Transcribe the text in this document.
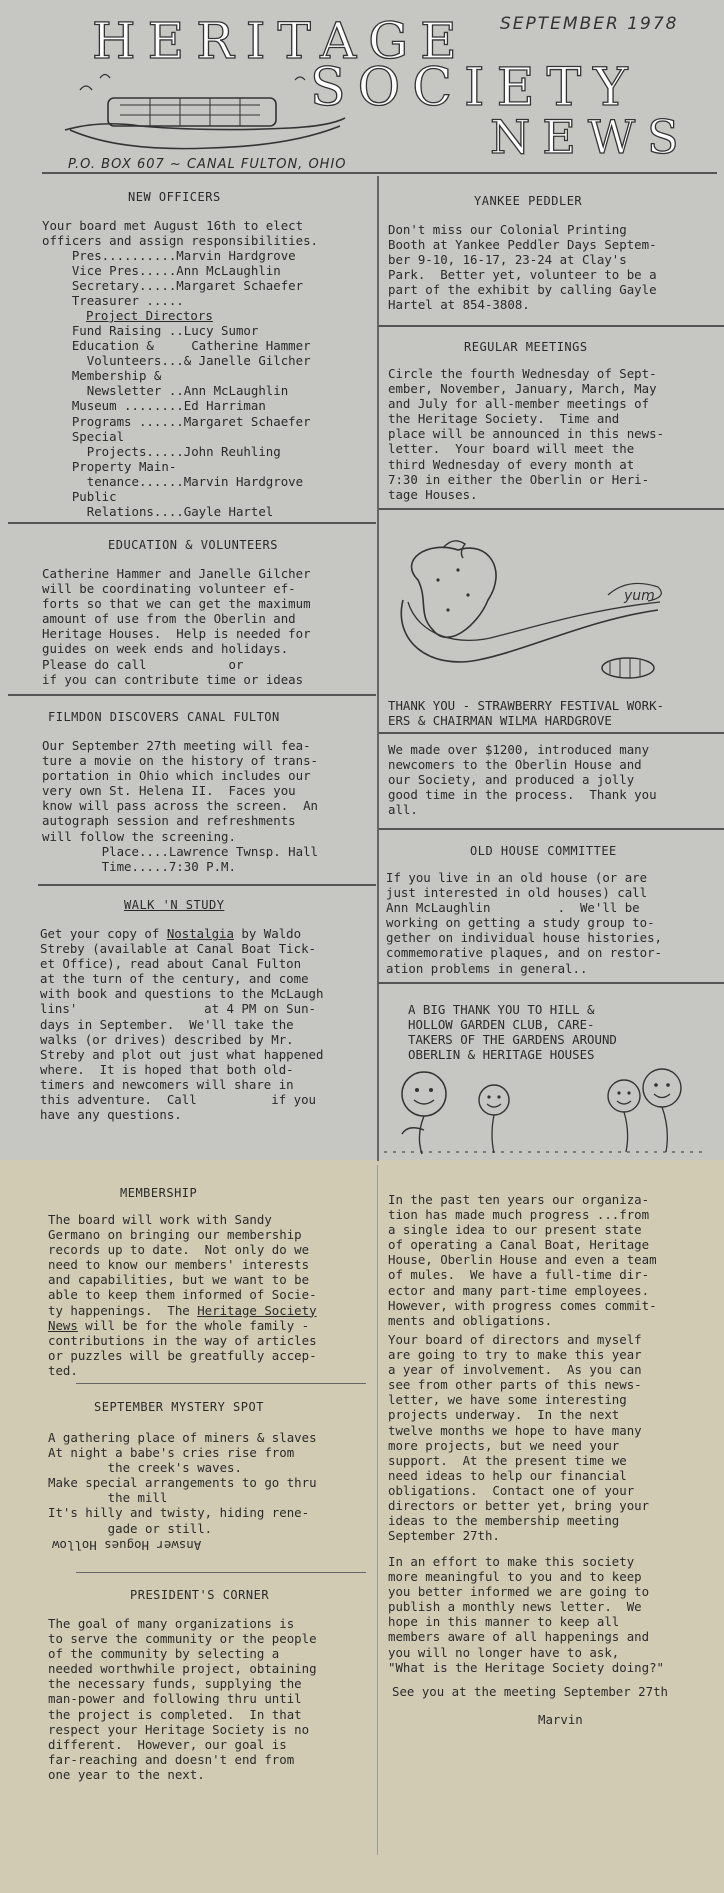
HERITAGE
SOCIETY
NEWS
SEPTEMBER 1978
P.O. BOX 607 ~ CANAL FULTON, OHIO
NEW OFFICERS
Your board met August 16th to elect
officers and assign responsibilities.
Pres..........Marvin Hardgrove
Vice Pres.....Ann McLaughlin
Secretary.....Margaret Schaefer
Treasurer .....
Project Directors
Fund Raising ..Lucy Sumor
Education &     Catherine Hammer
Volunteers...& Janelle Gilcher
Membership &
Newsletter ..Ann McLaughlin
Museum ........Ed Harriman
Programs ......Margaret Schaefer
Special
Projects.....John Reuhling
Property Main-
tenance......Marvin Hardgrove
Public
Relations....Gayle Hartel
EDUCATION & VOLUNTEERS
Catherine Hammer and Janelle Gilcher
will be coordinating volunteer ef-
forts so that we can get the maximum
amount of use from the Oberlin and
Heritage Houses.  Help is needed for
guides on week ends and holidays.
Please do call           or
if you can contribute time or ideas
FILMDON DISCOVERS CANAL FULTON
Our September 27th meeting will fea-
ture a movie on the history of trans-
portation in Ohio which includes our
very own St. Helena II.  Faces you
know will pass across the screen.  An
autograph session and refreshments
will follow the screening.
Place....Lawrence Twnsp. Hall
Time.....7:30 P.M.
WALK 'N STUDY
Get your copy of Nostalgia by Waldo
Streby (available at Canal Boat Tick-
et Office), read about Canal Fulton
at the turn of the century, and come
with book and questions to the McLaugh
lins'                 at 4 PM on Sun-
days in September.  We'll take the
walks (or drives) described by Mr.
Streby and plot out just what happened
where.  It is hoped that both old-
timers and newcomers will share in
this adventure.  Call          if you
have any questions.
YANKEE PEDDLER
Don't miss our Colonial Printing
Booth at Yankee Peddler Days Septem-
ber 9-10, 16-17, 23-24 at Clay's
Park.  Better yet, volunteer to be a
part of the exhibit by calling Gayle
Hartel at 854-3808.
REGULAR MEETINGS
Circle the fourth Wednesday of Sept-
ember, November, January, March, May
and July for all-member meetings of
the Heritage Society.  Time and
place will be announced in this news-
letter.  Your board will meet the
third Wednesday of every month at
7:30 in either the Oberlin or Heri-
tage Houses.
yum
THANK YOU - STRAWBERRY FESTIVAL WORK-
ERS & CHAIRMAN WILMA HARDGROVE
We made over $1200, introduced many
newcomers to the Oberlin House and
our Society, and produced a jolly
good time in the process.  Thank you
all.
OLD HOUSE COMMITTEE
If you live in an old house (or are
just interested in old houses) call
Ann McLaughlin         .  We'll be
working on getting a study group to-
gether on individual house histories,
commemorative plaques, and on restor-
ation problems in general..
A BIG THANK YOU TO HILL &
HOLLOW GARDEN CLUB, CARE-
TAKERS OF THE GARDENS AROUND
OBERLIN & HERITAGE HOUSES
MEMBERSHIP
The board will work with Sandy
Germano on bringing our membership
records up to date.  Not only do we
need to know our members' interests
and capabilities, but we want to be
able to keep them informed of Socie-
ty happenings.  The Heritage Society
News will be for the whole family -
contributions in the way of articles
or puzzles will be greatfully accep-
ted.
SEPTEMBER MYSTERY SPOT
A gathering place of miners & slaves
At night a babe's cries rise from
the creek's waves.
Make special arrangements to go thru
the mill
It's hilly and twisty, hiding rene-
gade or still.
Answer Hogues Hollow
PRESIDENT'S CORNER
The goal of many organizations is
to serve the community or the people
of the community by selecting a
needed worthwhile project, obtaining
the necessary funds, supplying the
man-power and following thru until
the project is completed.  In that
respect your Heritage Society is no
different.  However, our goal is
far-reaching and doesn't end from
one year to the next.
In the past ten years our organiza-
tion has made much progress ...from
a single idea to our present state
of operating a Canal Boat, Heritage
House, Oberlin House and even a team
of mules.  We have a full-time dir-
ector and many part-time employees.
However, with progress comes commit-
ments and obligations.
Your board of directors and myself
are going to try to make this year
a year of involvement.  As you can
see from other parts of this news-
letter, we have some interesting
projects underway.  In the next
twelve months we hope to have many
more projects, but we need your
support.  At the present time we
need ideas to help our financial
obligations.  Contact one of your
directors or better yet, bring your
ideas to the membership meeting
September 27th.
In an effort to make this society
more meaningful to you and to keep
you better informed we are going to
publish a monthly news letter.  We
hope in this manner to keep all
members aware of all happenings and
you will no longer have to ask,
"What is the Heritage Society doing?"
See you at the meeting September 27th
Marvin
